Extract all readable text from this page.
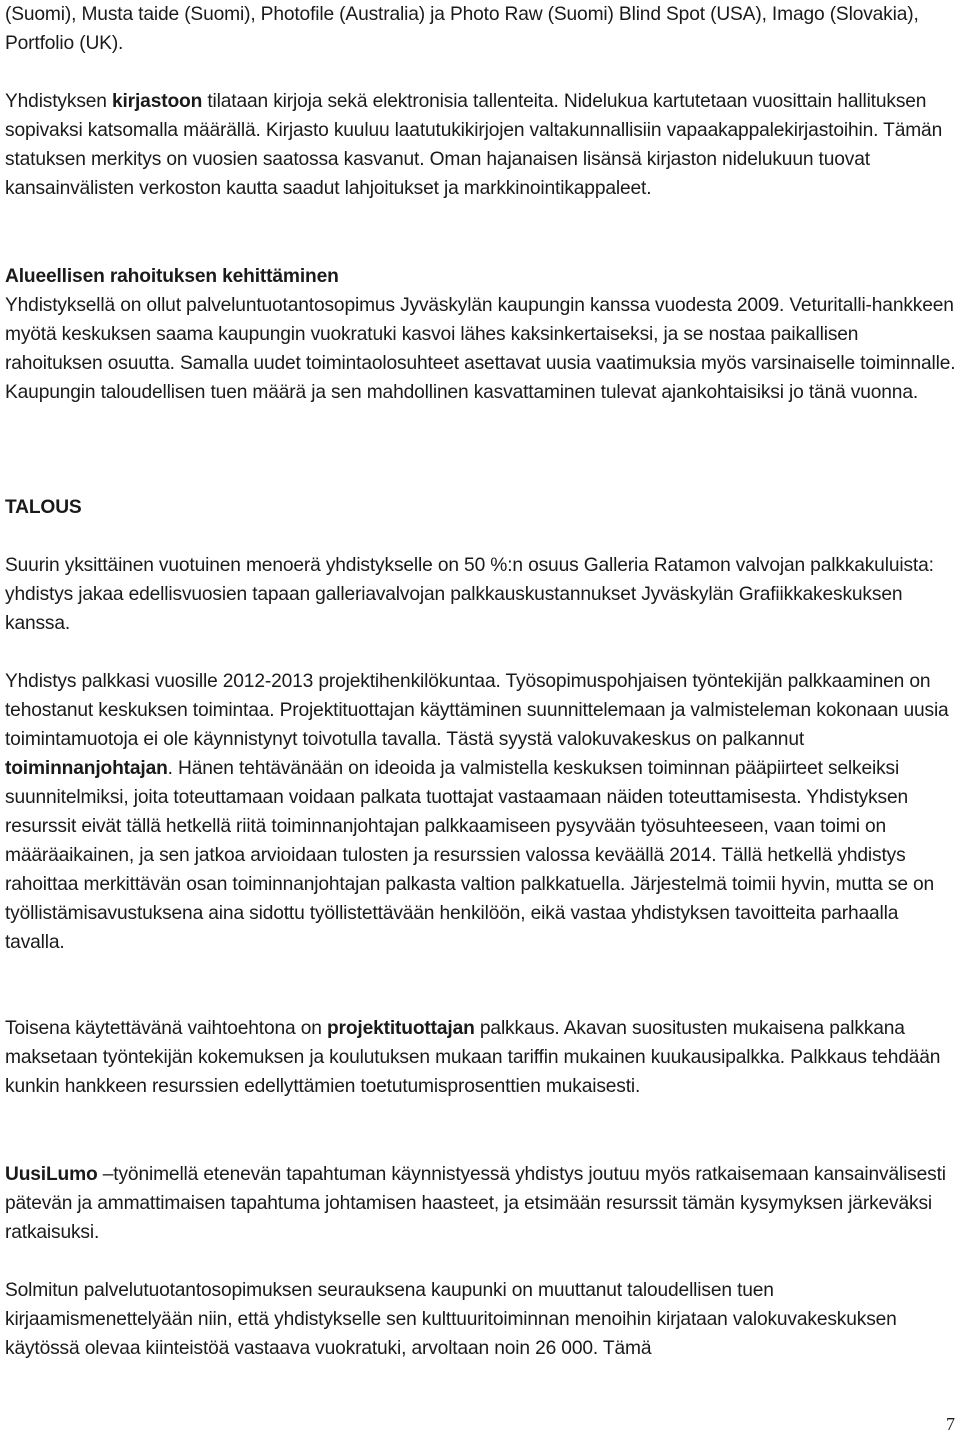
(Suomi), Musta taide (Suomi), Photofile (Australia) ja Photo Raw (Suomi) Blind Spot (USA), Imago (Slovakia), Portfolio (UK).

Yhdistyksen kirjastoon tilataan kirjoja sekä elektronisia tallenteita. Nidelukua kartutetaan vuosittain hallituksen sopivaksi katsomalla määrällä. Kirjasto kuuluu laatutukikirjojen valtakunnallisiin vapaakappalekirjastoihin. Tämän statuksen merkitys on vuosien saatossa kasvanut. Oman hajanaisen lisänsä kirjaston nidelukuun tuovat kansainvälisten verkoston kautta saadut lahjoitukset ja markkinointikappaleet.

Alueellisen rahoituksen kehittäminen

Yhdistyksellä on ollut palveluntuotantosopimus Jyväskylän kaupungin kanssa vuodesta 2009. Veturitalli-hankkeen myötä keskuksen saama kaupungin vuokratuki kasvoi lähes kaksinkertaiseksi, ja se nostaa paikallisen rahoituksen osuutta. Samalla uudet toimintaolosuhteet asettavat uusia vaatimuksia myös varsinaiselle toiminnalle. Kaupungin taloudellisen tuen määrä ja sen mahdollinen kasvattaminen tulevat ajankohtaisiksi jo tänä vuonna.

TALOUS

Suurin yksittäinen vuotuinen menoerä yhdistykselle on 50 %:n osuus Galleria Ratamon valvojan palkkakuluista: yhdistys jakaa edellisvuosien tapaan galleriavalvojan palkkauskustannukset Jyväskylän Grafiikkakeskuksen kanssa.

Yhdistys palkkasi vuosille 2012-2013 projektihenkilökuntaa. Työsopimuspohjaisen työntekijän palkkaaminen on tehostanut keskuksen toimintaa. Projektituottajan käyttäminen suunnittelemaan ja valmisteleman kokonaan uusia toimintamuotoja ei ole käynnistynyt toivotulla tavalla. Tästä syystä valokuvakeskus on palkannut toiminnanjohtajan. Hänen tehtävänään on ideoida ja valmistella keskuksen toiminnan pääpiirteet selkeiksi suunnitelmiksi, joita toteuttamaan voidaan palkata tuottajat vastaamaan näiden toteuttamisesta. Yhdistyksen resurssit eivät tällä hetkellä riitä toiminnanjohtajan palkkaamiseen pysyvään työsuhteeseen, vaan toimi on määräaikainen, ja sen jatkoa arvioidaan tulosten ja resurssien valossa keväällä 2014. Tällä hetkellä yhdistys rahoittaa merkittävän osan toiminnanjohtajan palkasta valtion palkkatuella. Järjestelmä toimii hyvin, mutta se on työllistämisavustuksena aina sidottu työllistettävään henkilöön, eikä vastaa yhdistyksen tavoitteita parhaalla tavalla.

Toisena käytettävänä vaihtoehtona on projektituottajan palkkaus. Akavan suositusten mukaisena palkkana maksetaan työntekijän kokemuksen ja koulutuksen mukaan tariffin mukainen kuukausipalkka. Palkkaus tehdään kunkin hankkeen resurssien edellyttämien toetutumisprosenttien mukaisesti.

UusiLumo –työnimellä etenevän tapahtuman käynnistyessä yhdistys joutuu myös ratkaisemaan kansainvälisesti pätevän ja ammattimaisen tapahtuma johtamisen haasteet, ja etsimään resurssit tämän kysymyksen järkeväksi ratkaisuksi.

Solmitun palvelutuotantosopimuksen seurauksena kaupunki on muuttanut taloudellisen tuen kirjaamismenettelyään niin, että yhdistykselle sen kulttuuritoiminnan menoihin kirjataan valokuvakeskuksen käytössä olevaa kiinteistöä vastaava vuokratuki, arvoltaan noin 26 000. Tämä

7
